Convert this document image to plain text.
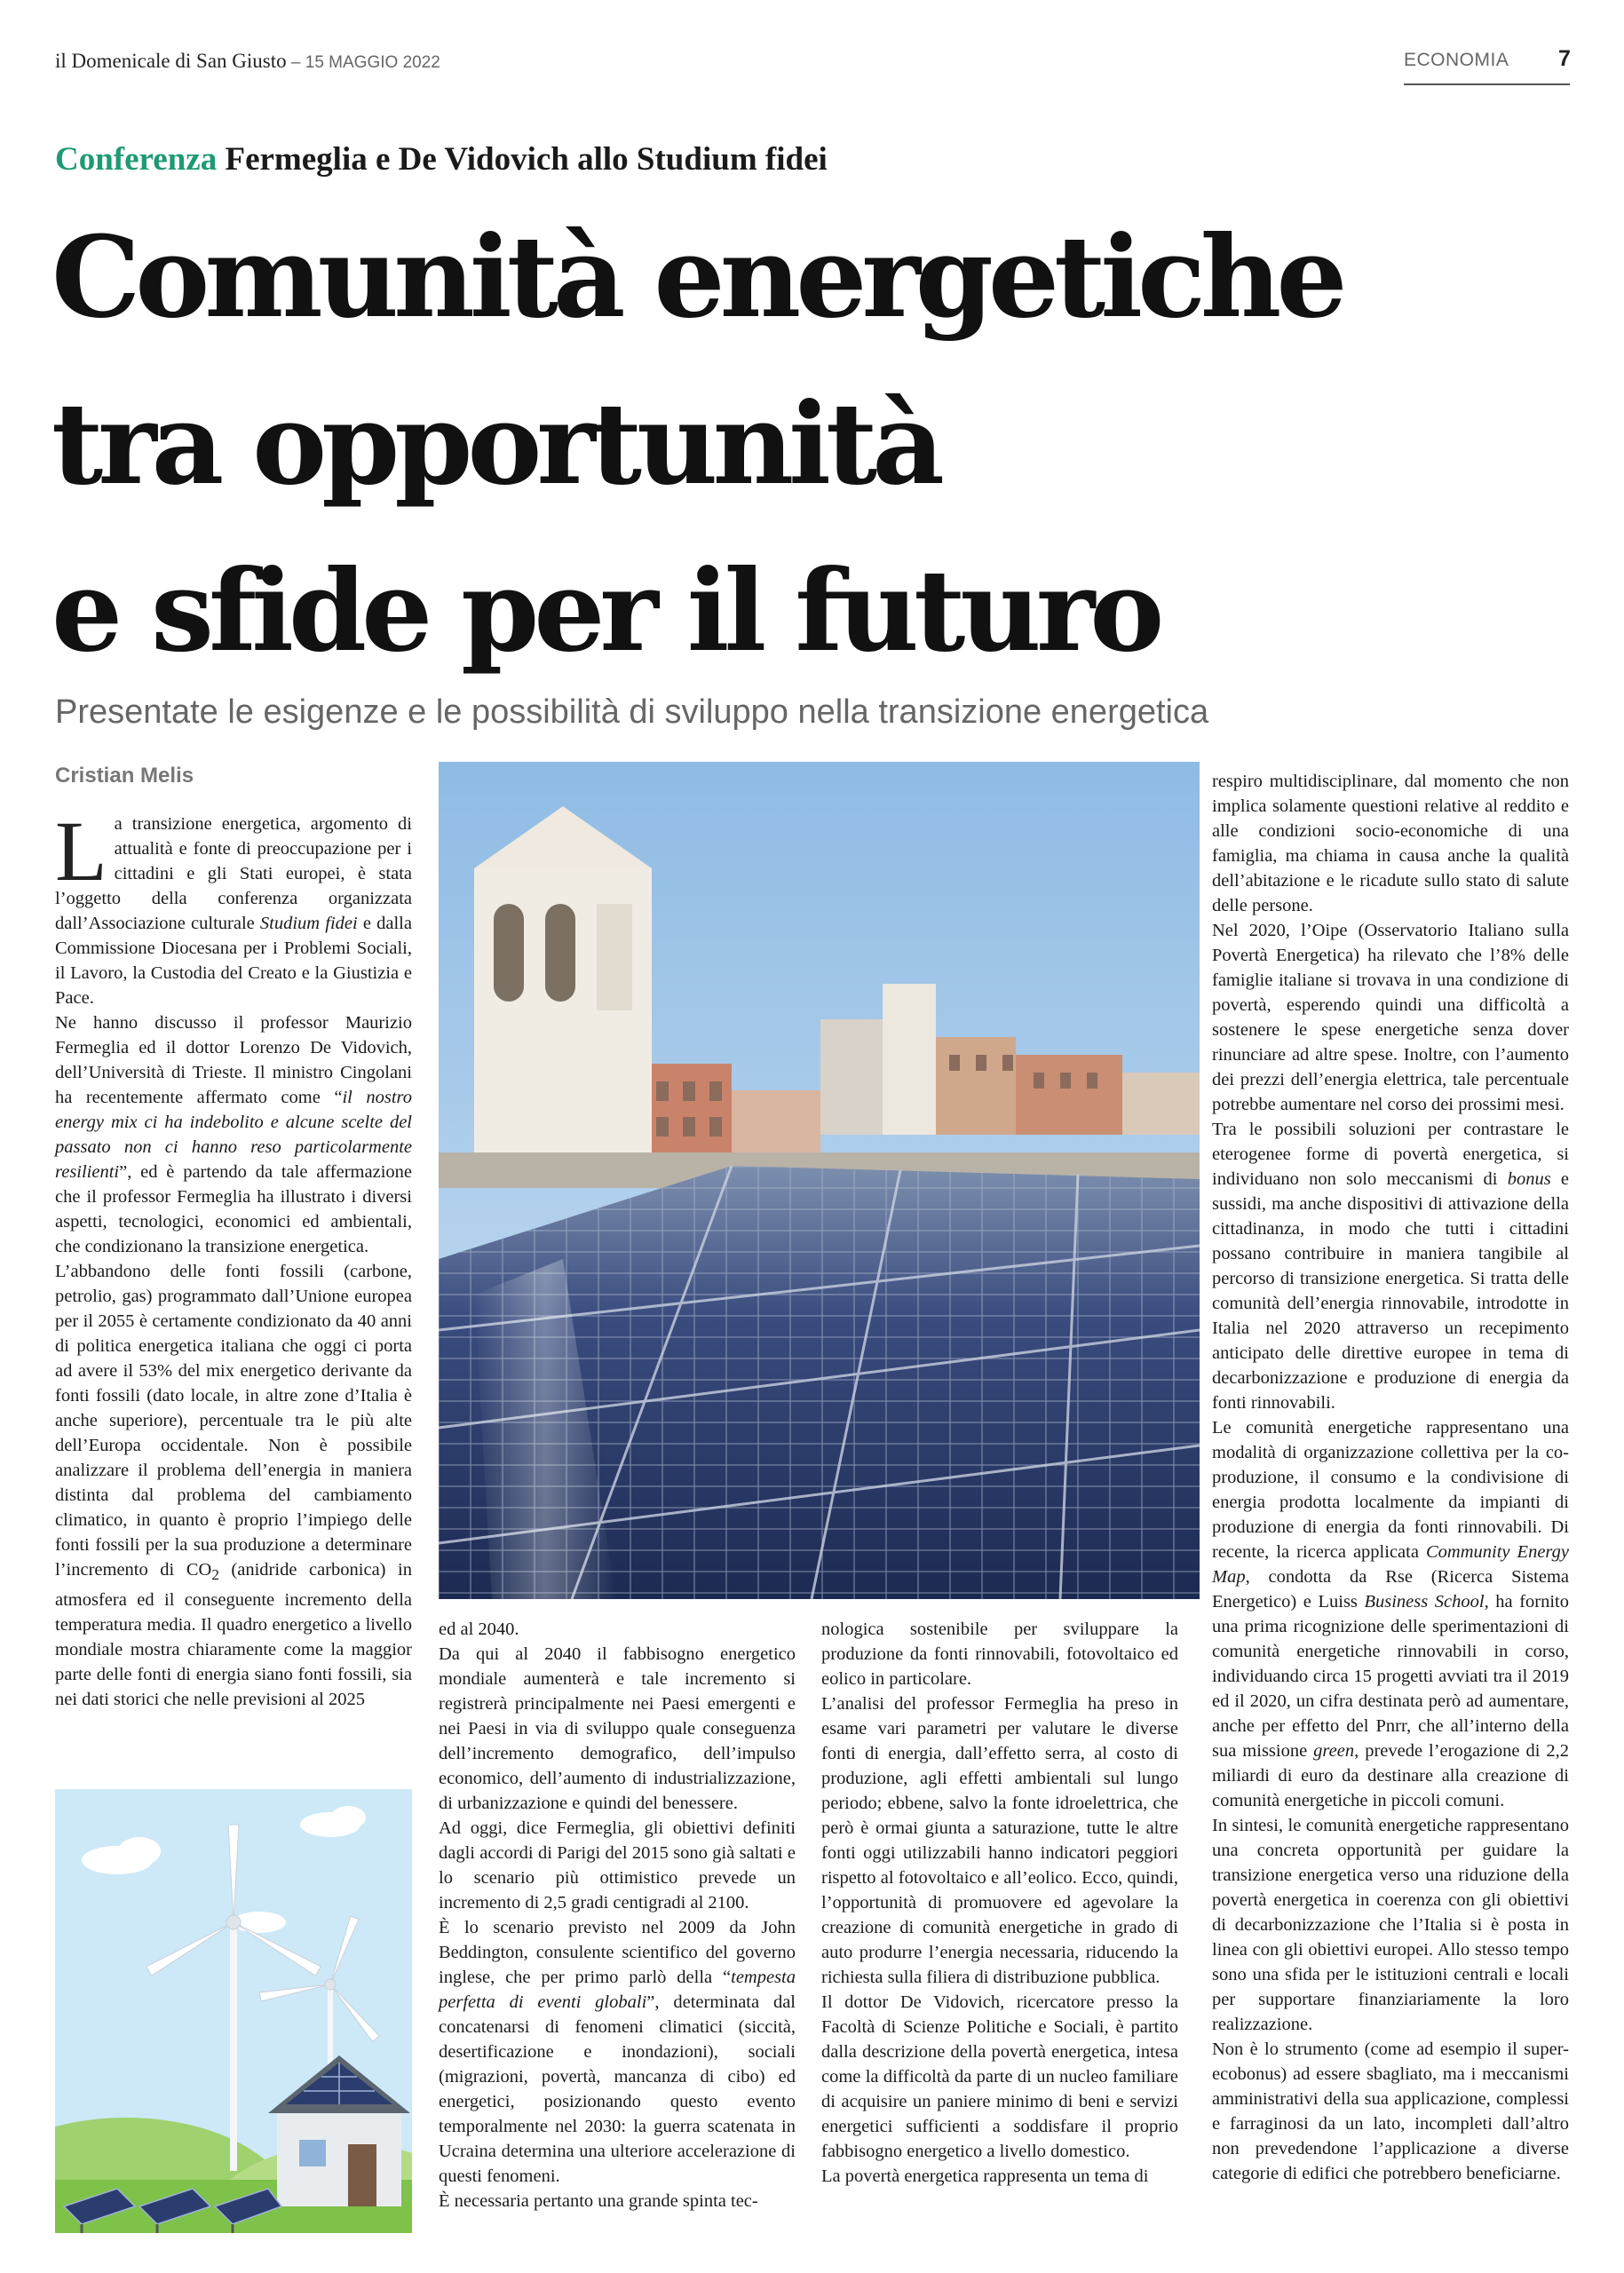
il Domenicale di San Giusto – 15 MAGGIO 2022	ECONOMIA 7
Conferenza Fermeglia e De Vidovich allo Studium fidei
Comunità energetiche
tra opportunità
e sfide per il futuro
Presentate le esigenze e le possibilità di sviluppo nella transizione energetica
Cristian Melis

La transizione energetica, argomento di attualità e fonte di preoccupazione per i cittadini e gli Stati europei, è stata l’oggetto della conferenza organizzata dall’Associazione culturale Studium fidei e dalla Commissione Diocesana per i Problemi Sociali, il Lavoro, la Custodia del Creato e la Giustizia e Pace.

Ne hanno discusso il professor Maurizio Fermeglia ed il dottor Lorenzo De Vidovich, dell’Università di Trieste. Il ministro Cingolani ha recentemente affermato come “il nostro energy mix ci ha indebolito e alcune scelte del passato non ci hanno reso particolarmente resilienti”, ed è partendo da tale affermazione che il professor Fermeglia ha illustrato i diversi aspetti, tecnologici, economici ed ambientali, che condizionano la transizione energetica.

L’abbandono delle fonti fossili (carbone, petrolio, gas) programmato dall’Unione europea per il 2055 è certamente condizionato da 40 anni di politica energetica italiana che oggi ci porta ad avere il 53% del mix energetico derivante da fonti fossili (dato locale, in altre zone d’Italia è anche superiore), percentuale tra le più alte dell’Europa occidentale. Non è possibile analizzare il problema dell’energia in maniera distinta dal problema del cambiamento climatico, in quanto è proprio l’impiego delle fonti fossili per la sua produzione a determinare l’incremento di $CO_2$ (anidride carbonica) in atmosfera ed il conseguente incremento della temperatura media. Il quadro energetico a livello mondiale mostra chiaramente come la maggior parte delle fonti di energia siano fonti fossili, sia nei dati storici che nelle previsioni al 2025

ed al 2040.

Da qui al 2040 il fabbisogno energetico mondiale aumenterà e tale incremento si registrerà principalmente nei Paesi emergenti e nei Paesi in via di sviluppo quale conseguenza dell’incremento demografico, dell’impulso economico, dell’aumento di industrializzazione, di urbanizzazione e quindi del benessere.

Ad oggi, dice Fermeglia, gli obiettivi definiti dagli accordi di Parigi del 2015 sono già saltati e lo scenario più ottimistico prevede un incremento di 2,5 gradi centigradi al 2100.

È lo scenario previsto nel 2009 da John Beddington, consulente scientifico del governo inglese, che per primo parlò della “tempesta perfetta di eventi globali”, determinata dal concatenarsi di fenomeni climatici (siccità, desertificazione e inondazioni), sociali (migrazioni, povertà, mancanza di cibo) ed energetici, posizionando questo evento temporalmente nel 2030: la guerra scatenata in Ucraina determina una ulteriore accelerazione di questi fenomeni.

È necessaria pertanto una grande spinta tec-

nologica sostenibile per sviluppare la produzione da fonti rinnovabili, fotovoltaico ed eolico in particolare.

L’analisi del professor Fermeglia ha preso in esame vari parametri per valutare le diverse fonti di energia, dall’effetto serra, al costo di produzione, agli effetti ambientali sul lungo periodo; ebbene, salvo la fonte idroelettrica, che però è ormai giunta a saturazione, tutte le altre fonti oggi utilizzabili hanno indicatori peggiori rispetto al fotovoltaico e all’eolico. Ecco, quindi, l’opportunità di promuovere ed agevolare la creazione di comunità energetiche in grado di auto produrre l’energia necessaria, riducendo la richiesta sulla filiera di distribuzione pubblica.

Il dottor De Vidovich, ricercatore presso la Facoltà di Scienze Politiche e Sociali, è partito dalla descrizione della povertà energetica, intesa come la difficoltà da parte di un nucleo familiare di acquisire un paniere minimo di beni e servizi energetici sufficienti a soddisfare il proprio fabbisogno energetico a livello domestico.

La povertà energetica rappresenta un tema di

respiro multidisciplinare, dal momento che non implica solamente questioni relative al reddito e alle condizioni socio-economiche di una famiglia, ma chiama in causa anche la qualità dell’abitazione e le ricadute sullo stato di salute delle persone.

Nel 2020, l’Oipe (Osservatorio Italiano sulla Povertà Energetica) ha rilevato che l’8% delle famiglie italiane si trovava in una condizione di povertà, esperendo quindi una difficoltà a sostenere le spese energetiche senza dover rinunciare ad altre spese. Inoltre, con l’aumento dei prezzi dell’energia elettrica, tale percentuale potrebbe aumentare nel corso dei prossimi mesi.

Tra le possibili soluzioni per contrastare le eterogenee forme di povertà energetica, si individuano non solo meccanismi di bonus e sussidi, ma anche dispositivi di attivazione della cittadinanza, in modo che tutti i cittadini possano contribuire in maniera tangibile al percorso di transizione energetica. Si tratta delle comunità dell’energia rinnovabile, introdotte in Italia nel 2020 attraverso un recepimento anticipato delle direttive europee in tema di decarbonizzazione e produzione di energia da fonti rinnovabili.

Le comunità energetiche rappresentano una modalità di organizzazione collettiva per la co-produzione, il consumo e la condivisione di energia prodotta localmente da impianti di produzione di energia da fonti rinnovabili. Di recente, la ricerca applicata Community Energy Map, condotta da Rse (Ricerca Sistema Energetico) e Luiss Business School, ha fornito una prima ricognizione delle sperimentazioni di comunità energetiche rinnovabili in corso, individuando circa 15 progetti avviati tra il 2019 ed il 2020, un cifra destinata però ad aumentare, anche per effetto del Pnrr, che all’interno della sua missione green, prevede l’erogazione di 2,2 miliardi di euro da destinare alla creazione di comunità energetiche in piccoli comuni.

In sintesi, le comunità energetiche rappresentano una concreta opportunità per guidare la transizione energetica verso una riduzione della povertà energetica in coerenza con gli obiettivi di decarbonizzazione che l’Italia si è posta in linea con gli obiettivi europei. Allo stesso tempo sono una sfida per le istituzioni centrali e locali per supportare finanziariamente la loro realizzazione.

Non è lo strumento (come ad esempio il super-ecobonus) ad essere sbagliato, ma i meccanismi amministrativi della sua applicazione, complessi e farraginosi da un lato, incompleti dall’altro non prevedendone l’applicazione a diverse categorie di edifici che potrebbero beneficiarne.
